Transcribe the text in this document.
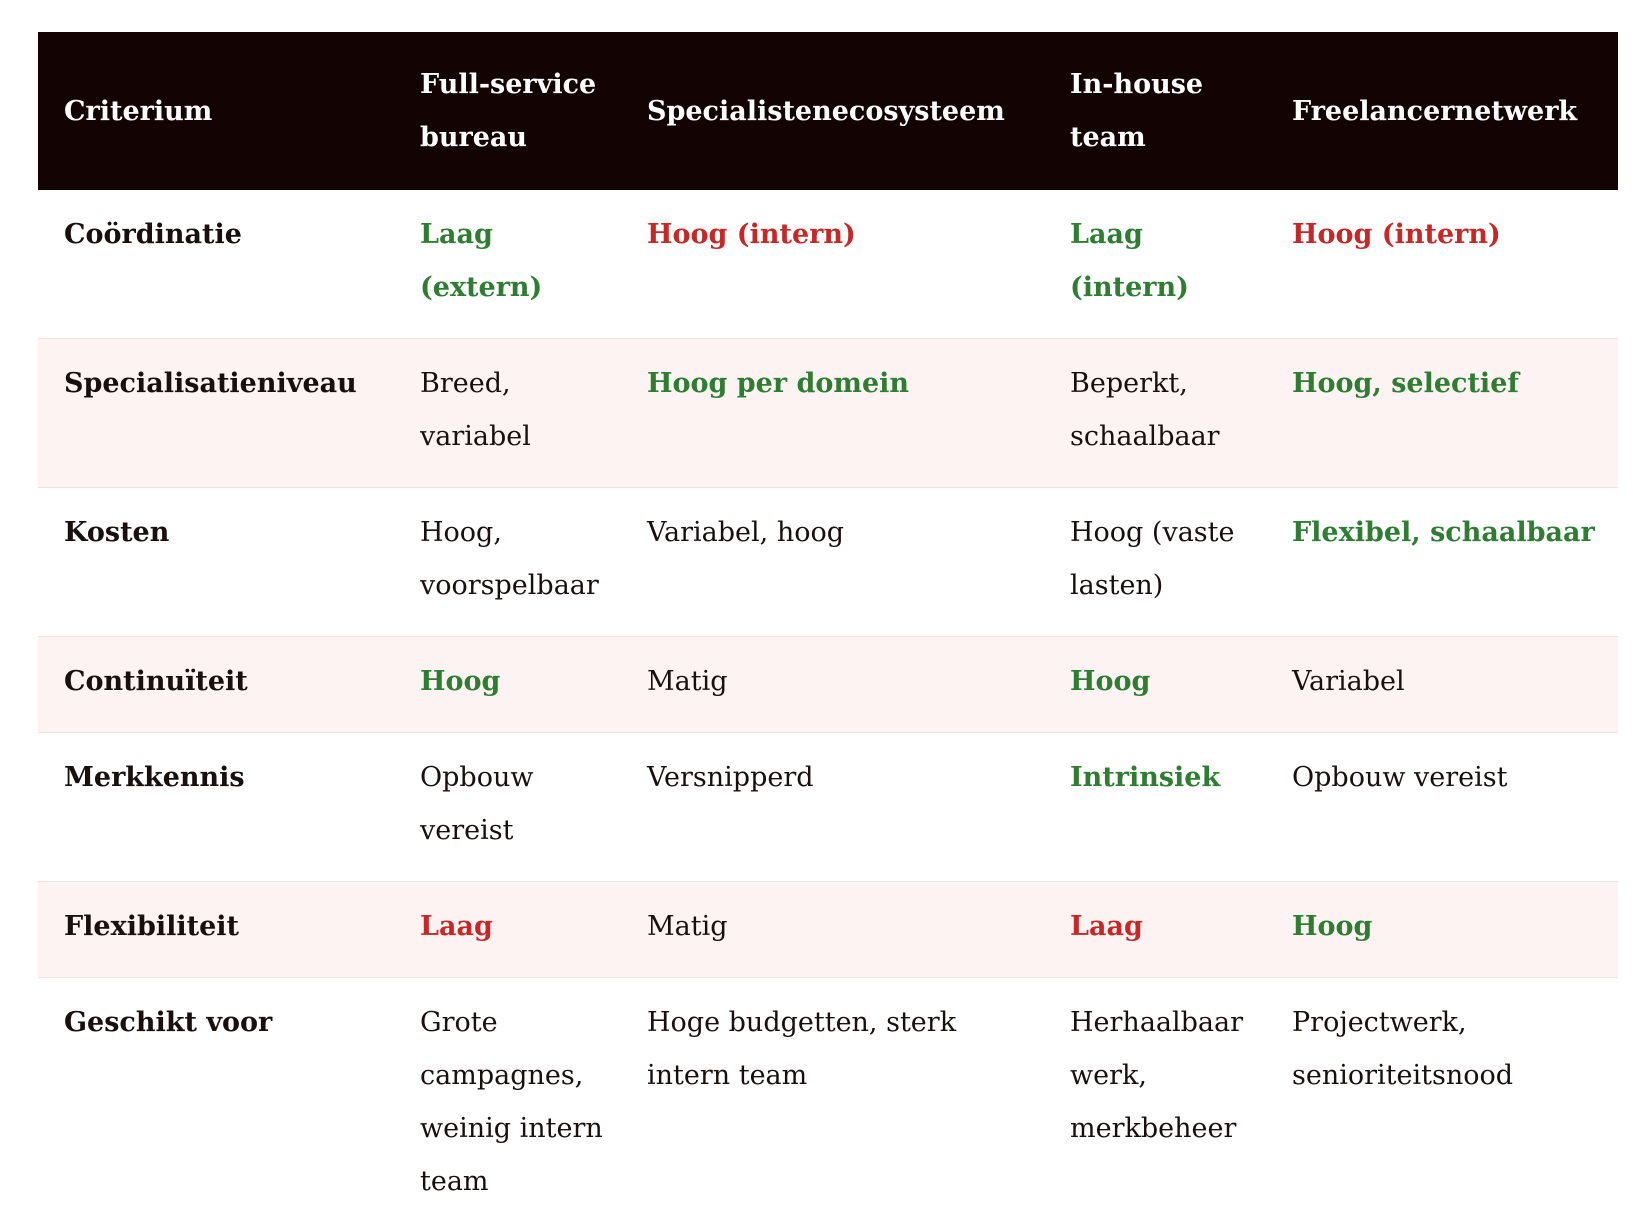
Criterium	Full-service bureau	Specialistenecosysteem	In-house team	Freelancernetwerk
Coördinatie	Laag (extern)	Hoog (intern)	Laag (intern)	Hoog (intern)
Specialisatieniveau	Breed, variabel	Hoog per domein	Beperkt, schaalbaar	Hoog, selectief
Kosten	Hoog, voorspelbaar	Variabel, hoog	Hoog (vaste lasten)	Flexibel, schaalbaar
Continuïteit	Hoog	Matig	Hoog	Variabel
Merkkennis	Opbouw vereist	Versnipperd	Intrinsiek	Opbouw vereist
Flexibiliteit	Laag	Matig	Laag	Hoog
Geschikt voor	Grote campagnes, weinig intern team	Hoge budgetten, sterk intern team	Herhaalbaar werk, merkbeheer	Projectwerk, senioriteitsnood
